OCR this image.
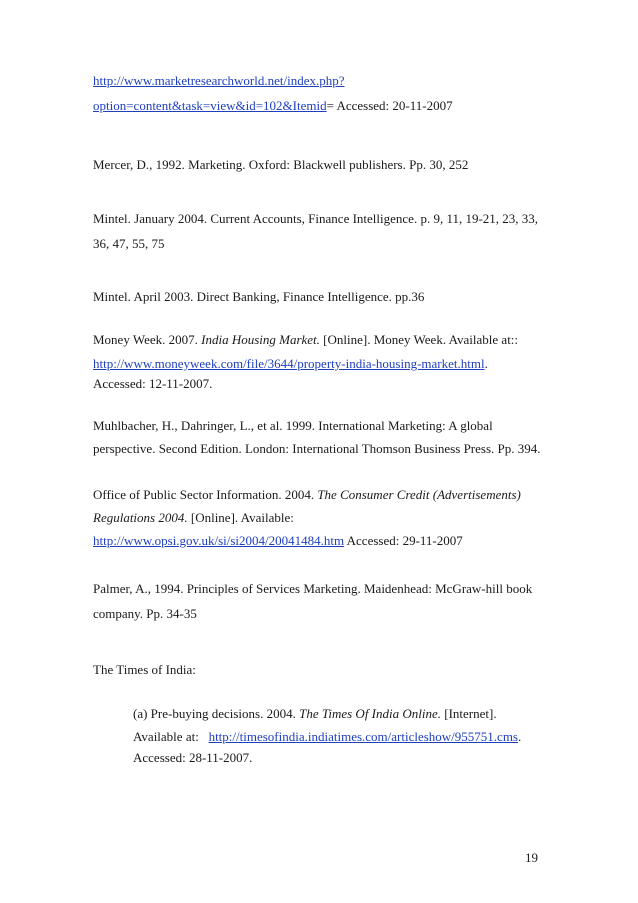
http://www.marketresearchworld.net/index.php?
option=content&task=view&id=102&Itemid= Accessed: 20-11-2007
Mercer, D., 1992. Marketing. Oxford: Blackwell publishers. Pp. 30, 252
Mintel. January 2004. Current Accounts, Finance Intelligence. p. 9, 11, 19-21, 23, 33,
36, 47, 55, 75
Mintel. April 2003. Direct Banking, Finance Intelligence. pp.36
Money Week. 2007. India Housing Market. [Online]. Money Week. Available at::
http://www.moneyweek.com/file/3644/property-india-housing-market.html.
Accessed: 12-11-2007.
Muhlbacher, H., Dahringer, L., et al. 1999. International Marketing: A global
perspective. Second Edition. London: International Thomson Business Press. Pp. 394.
Office of Public Sector Information. 2004. The Consumer Credit (Advertisements)
Regulations 2004. [Online]. Available:
http://www.opsi.gov.uk/si/si2004/20041484.htm Accessed: 29-11-2007
Palmer, A., 1994. Principles of Services Marketing. Maidenhead: McGraw-hill book
company. Pp. 34-35
The Times of India:
(a) Pre-buying decisions. 2004. The Times Of India Online. [Internet].
Available at:   http://timesofindia.indiatimes.com/articleshow/955751.cms.
Accessed: 28-11-2007.
19
